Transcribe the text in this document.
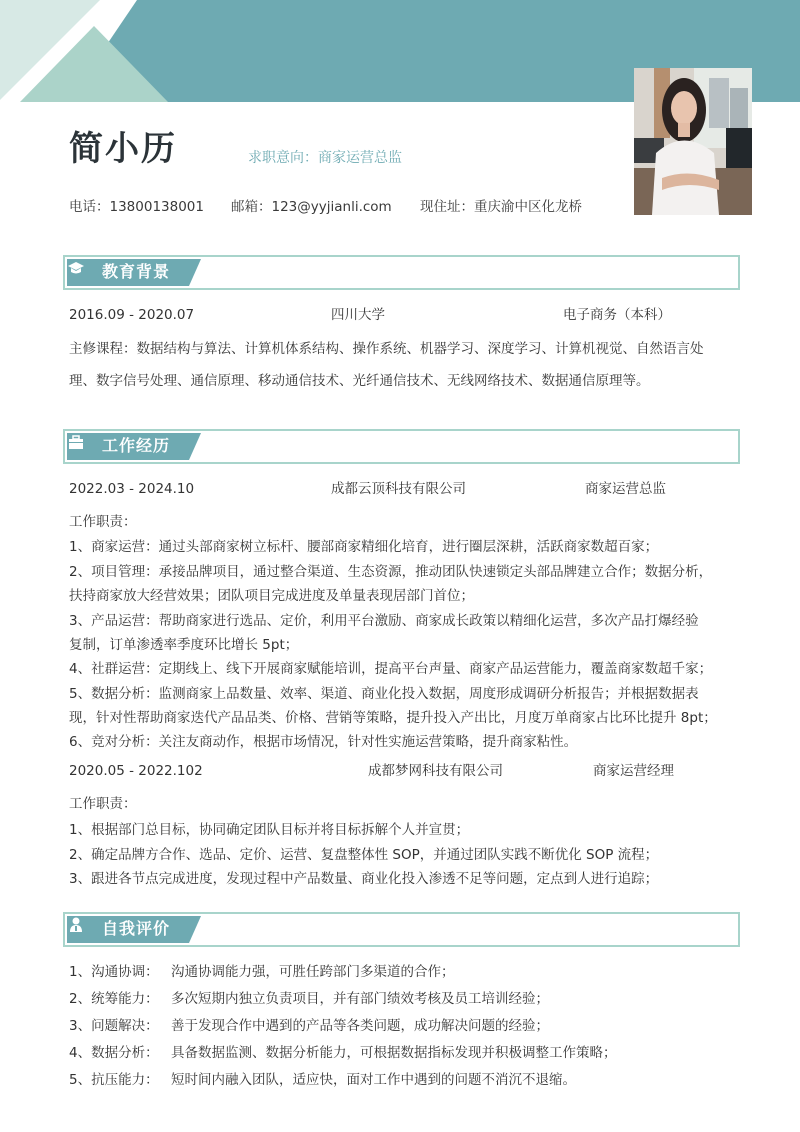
简小历	求职意向：商家运营总监
电话：13800138001 邮箱：123@yyjianli.com 现住址：重庆渝中区化龙桥
教育背景
2016.09 - 2020.07	四川大学	电子商务（本科）
主修课程：数据结构与算法、计算机体系结构、操作系统、机器学习、深度学习、计算机视觉、自然语言处
理、数字信号处理、通信原理、移动通信技术、光纤通信技术、无线网络技术、数据通信原理等。
工作经历
2022.03 - 2024.10	成都云顶科技有限公司	商家运营总监
工作职责：
1、商家运营：通过头部商家树立标杆、腰部商家精细化培育，进行圈层深耕，活跃商家数超百家；
2、项目管理：承接品牌项目，通过整合渠道、生态资源，推动团队快速锁定头部品牌建立合作；数据分析，
扶持商家放大经营效果；团队项目完成进度及单量表现居部门首位；
3、产品运营：帮助商家进行选品、定价，利用平台激励、商家成长政策以精细化运营，多次产品打爆经验
复制，订单渗透率季度环比增长 5pt；
4、社群运营：定期线上、线下开展商家赋能培训，提高平台声量、商家产品运营能力，覆盖商家数超千家；
5、数据分析：监测商家上品数量、效率、渠道、商业化投入数据，周度形成调研分析报告；并根据数据表
现，针对性帮助商家迭代产品品类、价格、营销等策略，提升投入产出比，月度万单商家占比环比提升 8pt；
6、竞对分析：关注友商动作，根据市场情况，针对性实施运营策略，提升商家粘性。
2020.05 - 2022.102	成都梦网科技有限公司	商家运营经理
工作职责：
1、根据部门总目标，协同确定团队目标并将目标拆解个人并宣贯；
2、确定品牌方合作、选品、定价、运营、复盘整体性 SOP，并通过团队实践不断优化 SOP 流程；
3、跟进各节点完成进度，发现过程中产品数量、商业化投入渗透不足等问题，定点到人进行追踪；
自我评价
1、沟通协调： 沟通协调能力强，可胜任跨部门多渠道的合作；
2、统筹能力： 多次短期内独立负责项目，并有部门绩效考核及员工培训经验；
3、问题解决： 善于发现合作中遇到的产品等各类问题，成功解决问题的经验；
4、数据分析： 具备数据监测、数据分析能力，可根据数据指标发现并积极调整工作策略；
5、抗压能力： 短时间内融入团队，适应快，面对工作中遇到的问题不消沉不退缩。
